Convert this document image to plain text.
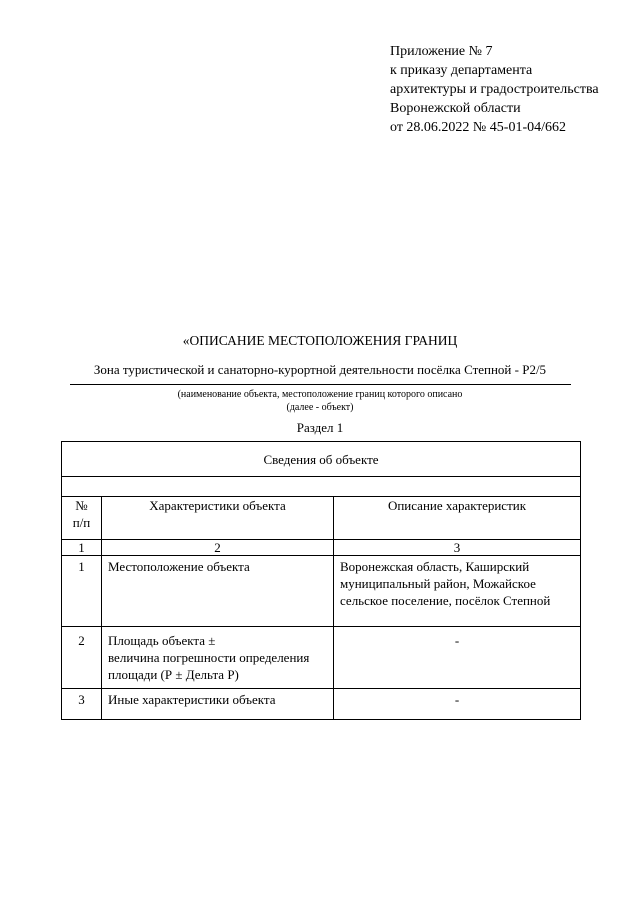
Приложение № 7
к приказу департамента
архитектуры и градостроительства
Воронежской области
от 28.06.2022 № 45-01-04/662
«ОПИСАНИЕ МЕСТОПОЛОЖЕНИЯ ГРАНИЦ
Зона туристической и санаторно-курортной деятельности посёлка Степной - Р2/5
(наименование объекта, местоположение границ которого описано
(далее - объект)
Раздел 1
Сведения об объекте		

№
п/п	Характеристики объекта	Описание характеристик
1	2	3
1	Местоположение объекта	Воронежская область, Каширский
муниципальный район, Можайское
сельское поселение, посёлок Степной

2	Площадь объекта ±
величина погрешности определения
площади (Р ± Дельта Р)	-

3	Иные характеристики объекта	-
